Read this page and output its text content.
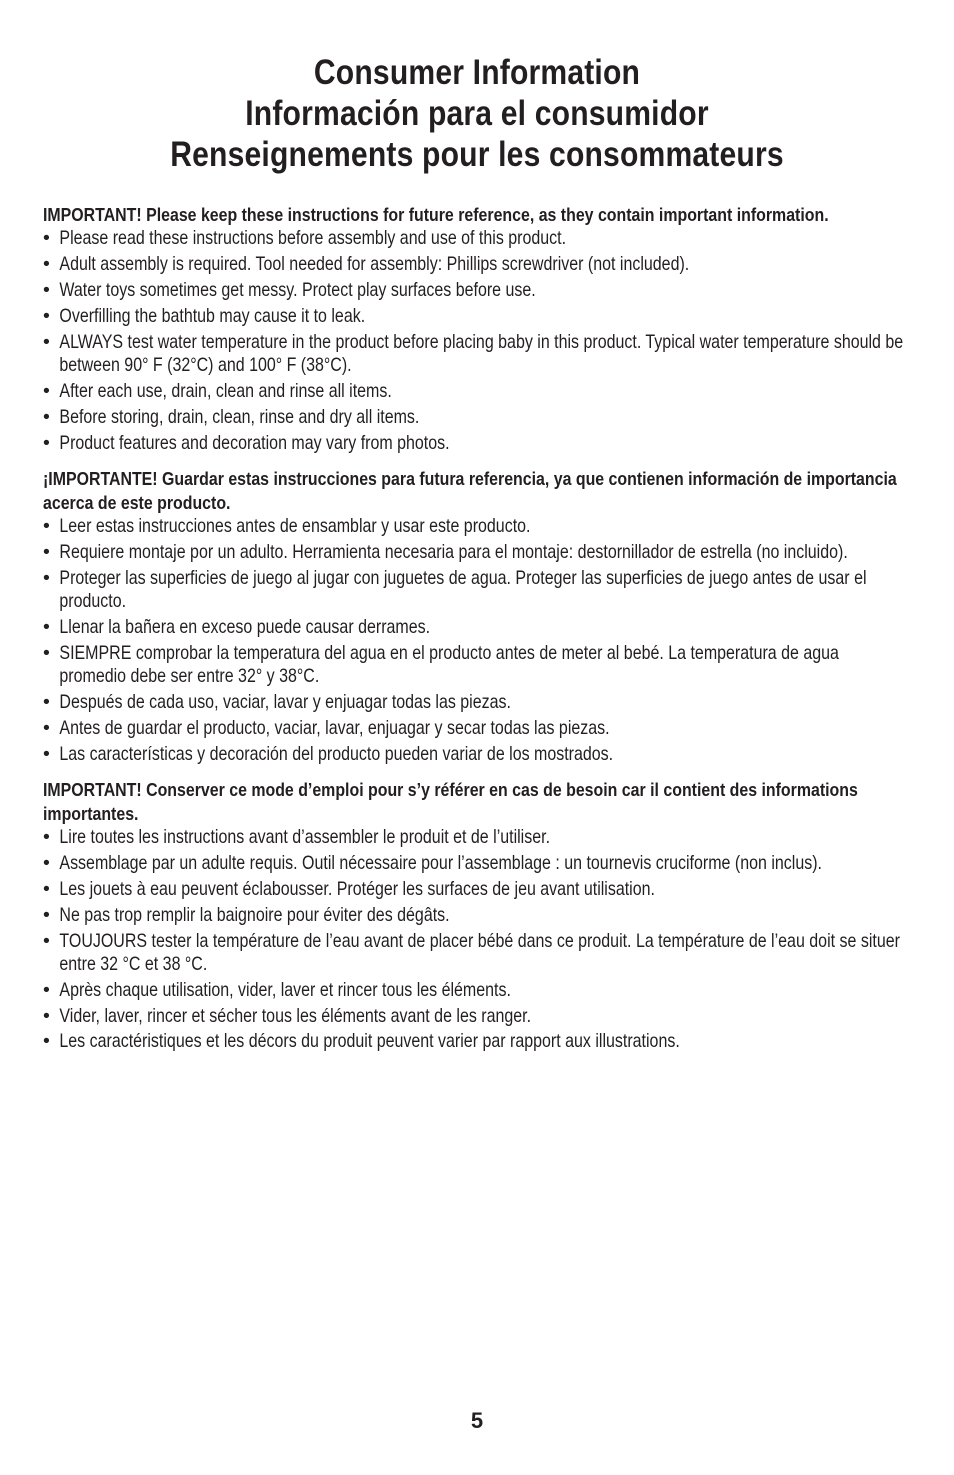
Consumer Information
Información para el consumidor
Renseignements pour les consommateurs

IMPORTANT! Please keep these instructions for future reference, as they contain important information.

• Please read these instructions before assembly and use of this product.
• Adult assembly is required. Tool needed for assembly: Phillips screwdriver (not included).
• Water toys sometimes get messy. Protect play surfaces before use.
• Overfilling the bathtub may cause it to leak.
• ALWAYS test water temperature in the product before placing baby in this product. Typical water temperature should be between 90° F (32°C) and 100° F (38°C).
• After each use, drain, clean and rinse all items.
• Before storing, drain, clean, rinse and dry all items.
• Product features and decoration may vary from photos.

¡IMPORTANTE! Guardar estas instrucciones para futura referencia, ya que contienen información de importancia acerca de este producto.

• Leer estas instrucciones antes de ensamblar y usar este producto.
• Requiere montaje por un adulto. Herramienta necesaria para el montaje: destornillador de estrella (no incluido).
• Proteger las superficies de juego al jugar con juguetes de agua. Proteger las superficies de juego antes de usar el producto.
• Llenar la bañera en exceso puede causar derrames.
• SIEMPRE comprobar la temperatura del agua en el producto antes de meter al bebé. La temperatura de agua promedio debe ser entre 32° y 38°C.
• Después de cada uso, vaciar, lavar y enjuagar todas las piezas.
• Antes de guardar el producto, vaciar, lavar, enjuagar y secar todas las piezas.
• Las características y decoración del producto pueden variar de los mostrados.

IMPORTANT! Conserver ce mode d’emploi pour s’y référer en cas de besoin car il contient des informations importantes.

• Lire toutes les instructions avant d’assembler le produit et de l’utiliser.
• Assemblage par un adulte requis. Outil nécessaire pour l’assemblage : un tournevis cruciforme (non inclus).
• Les jouets à eau peuvent éclabousser. Protéger les surfaces de jeu avant utilisation.
• Ne pas trop remplir la baignoire pour éviter des dégâts.
• TOUJOURS tester la température de l’eau avant de placer bébé dans ce produit. La température de l’eau doit se situer entre 32 °C et 38 °C.
• Après chaque utilisation, vider, laver et rincer tous les éléments.
• Vider, laver, rincer et sécher tous les éléments avant de les ranger.
• Les caractéristiques et les décors du produit peuvent varier par rapport aux illustrations.
5
